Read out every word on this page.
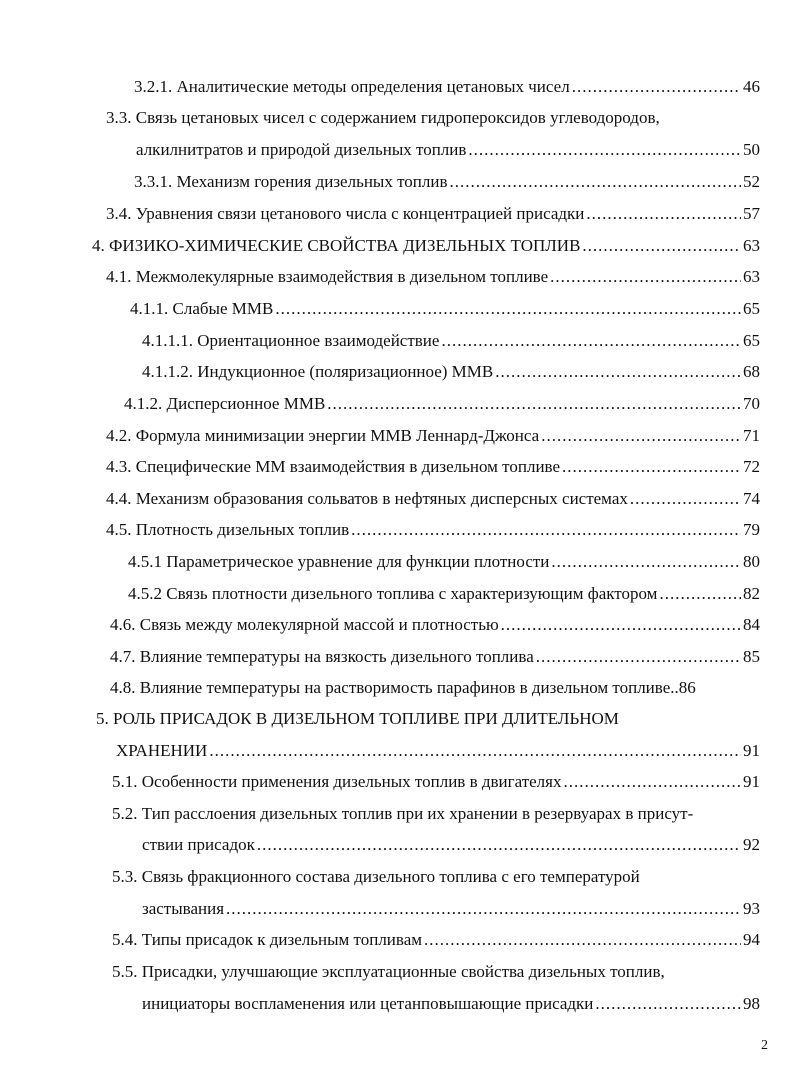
3.2.1. Аналитические методы определения цетановых чисел .....	46
3.3. Связь цетановых чисел с содержанием гидропероксидов углеводородов,
алкилнитратов и природой дизельных топлив .....	50
3.3.1. Механизм горения дизельных топлив .....	52
3.4. Уравнения связи цетанового числа с концентрацией присадки .....	57
4. ФИЗИКО-ХИМИЧЕСКИЕ СВОЙСТВА ДИЗЕЛЬНЫХ ТОПЛИВ .....	63
4.1. Межмолекулярные взаимодействия в дизельном топливе .....	63
4.1.1. Слабые ММВ .....	65
4.1.1.1. Ориентационное взаимодействие .....	65
4.1.1.2. Индукционное (поляризационное) ММВ .....	68
4.1.2. Дисперсионное ММВ .....	70
4.2. Формула минимизации энергии ММВ Леннард-Джонса .....	71
4.3. Специфические ММ взаимодействия в дизельном топливе .....	72
4.4. Механизм образования сольватов в нефтяных дисперсных системах .....	74
4.5. Плотность дизельных топлив .....	79
4.5.1 Параметрическое уравнение для функции плотности .....	80
4.5.2 Связь плотности дизельного топлива с характеризующим фактором .....	82
4.6. Связь между молекулярной массой и плотностью .....	84
4.7. Влияние температуры на вязкость дизельного топлива .....	85
4.8. Влияние температуры на растворимость парафинов в дизельном топливе.. 86
5. РОЛЬ ПРИСАДОК В ДИЗЕЛЬНОМ ТОПЛИВЕ ПРИ ДЛИТЕЛЬНОМ
ХРАНЕНИИ .....	91
5.1. Особенности применения дизельных топлив в двигателях .....	91
5.2. Тип расслоения дизельных топлив при их хранении в резервуарах в присут-
ствии присадок .....	92
5.3. Связь фракционного состава дизельного топлива с его температурой
застывания .....	93
5.4. Типы присадок к дизельным топливам .....	94
5.5. Присадки, улучшающие эксплуатационные свойства дизельных топлив,
инициаторы воспламенения или цетанповышающие присадки .....	98
2
